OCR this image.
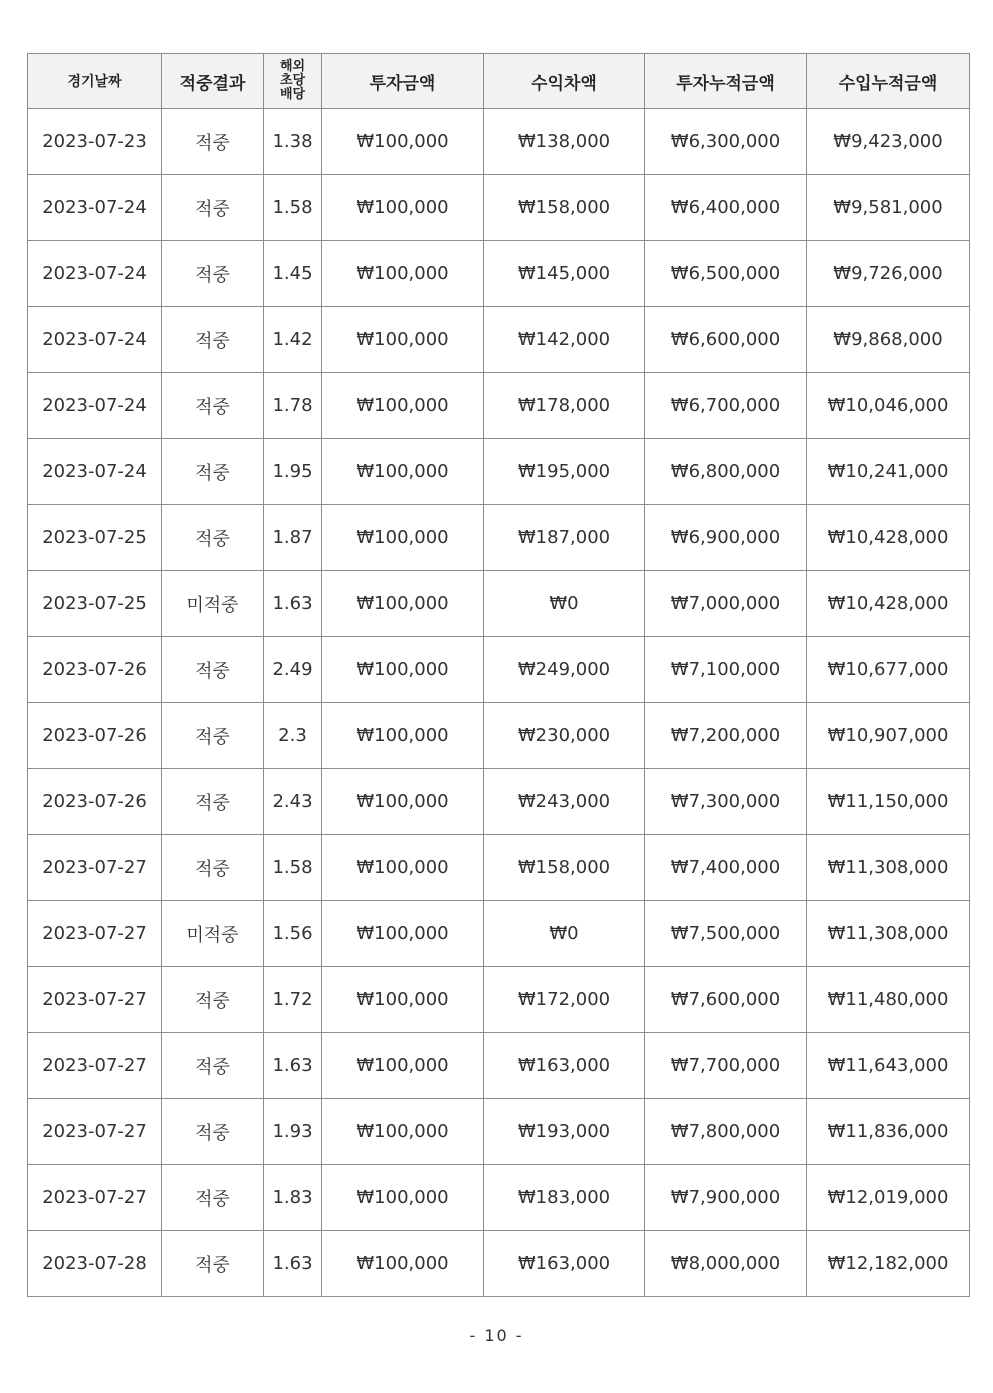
경기날짜	적중결과	해외
초당
배당	투자금액	수익차액	투자누적금액	수입누적금액
2023-07-23	적중	1.38	₩100,000	₩138,000	₩6,300,000	₩9,423,000
2023-07-24	적중	1.58	₩100,000	₩158,000	₩6,400,000	₩9,581,000
2023-07-24	적중	1.45	₩100,000	₩145,000	₩6,500,000	₩9,726,000
2023-07-24	적중	1.42	₩100,000	₩142,000	₩6,600,000	₩9,868,000
2023-07-24	적중	1.78	₩100,000	₩178,000	₩6,700,000	₩10,046,000
2023-07-24	적중	1.95	₩100,000	₩195,000	₩6,800,000	₩10,241,000
2023-07-25	적중	1.87	₩100,000	₩187,000	₩6,900,000	₩10,428,000
2023-07-25	미적중	1.63	₩100,000	₩0	₩7,000,000	₩10,428,000
2023-07-26	적중	2.49	₩100,000	₩249,000	₩7,100,000	₩10,677,000
2023-07-26	적중	2.3	₩100,000	₩230,000	₩7,200,000	₩10,907,000
2023-07-26	적중	2.43	₩100,000	₩243,000	₩7,300,000	₩11,150,000
2023-07-27	적중	1.58	₩100,000	₩158,000	₩7,400,000	₩11,308,000
2023-07-27	미적중	1.56	₩100,000	₩0	₩7,500,000	₩11,308,000
2023-07-27	적중	1.72	₩100,000	₩172,000	₩7,600,000	₩11,480,000
2023-07-27	적중	1.63	₩100,000	₩163,000	₩7,700,000	₩11,643,000
2023-07-27	적중	1.93	₩100,000	₩193,000	₩7,800,000	₩11,836,000
2023-07-27	적중	1.83	₩100,000	₩183,000	₩7,900,000	₩12,019,000
2023-07-28	적중	1.63	₩100,000	₩163,000	₩8,000,000	₩12,182,000
- 10 -
